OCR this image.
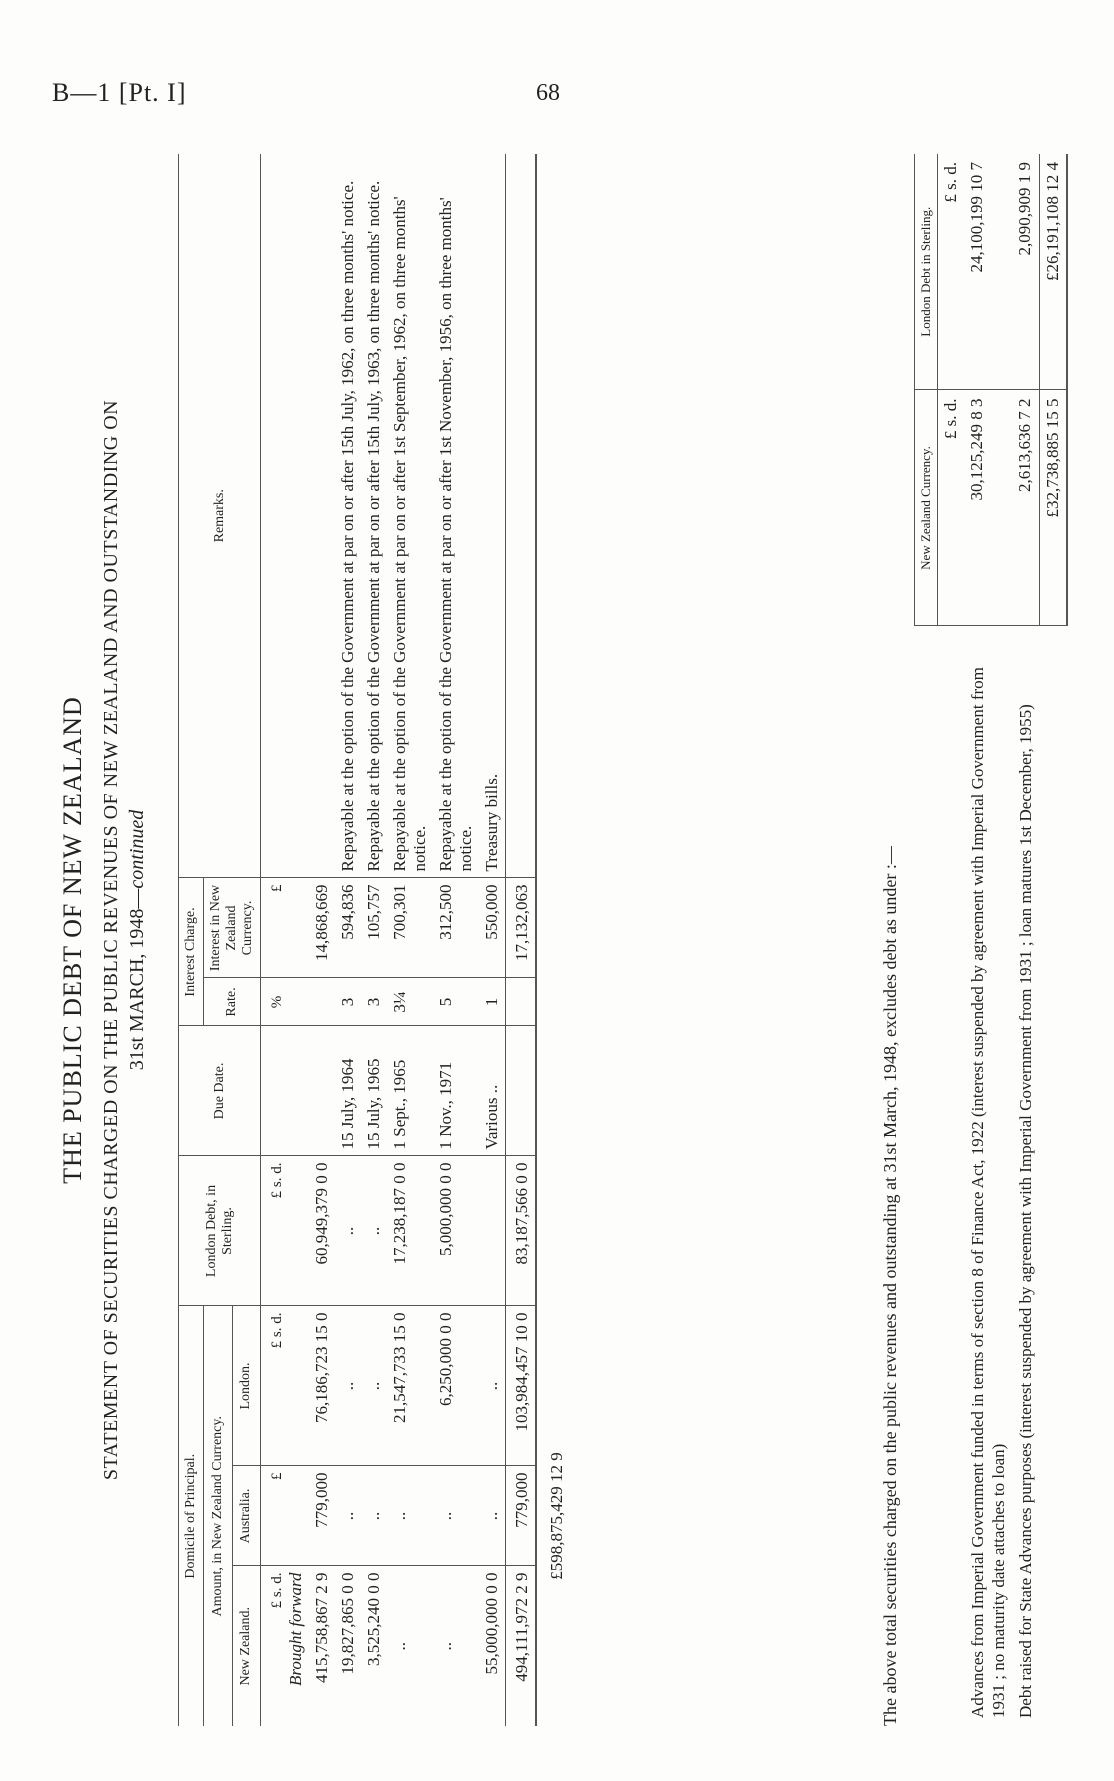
B—1 [Pt. I]	68
THE PUBLIC DEBT OF NEW ZEALAND STATEMENT OF SECURITIES CHARGED ON THE PUBLIC REVENUES OF NEW ZEALAND AND OUTSTANDING ON 31st MARCH, 1948—continued
Domicile of Principal.			London Debt, in Sterling.	Due Date.	Interest Charge.		Remarks.
Amount, in New Zealand Currency.					Rate.	Interest in New Zealand Currency.	
New Zealand.	Australia.	London.					

£ s. d. Brought forward	£	£ s. d.	£ s. d.		%	£	
415,758,867 2 9	779,000	76,186,723 15 0	60,949,379 0 0			14,868,669	
19,827,865 0 0	..	..	..	15 July, 1964	3	594,836	Repayable at the option of the Government at par on or after 15th July, 1962, on three months' notice.
3,525,240 0 0	..	..	..	15 July, 1965	3	105,757	Repayable at the option of the Government at par on or after 15th July, 1963, on three months' notice.
..	..	21,547,733 15 0	17,238,187 0 0	1 Sept., 1965	3¼	700,301	Repayable at the option of the Government at par on or after 1st September, 1962, on three months' notice.
..	..	6,250,000 0 0	5,000,000 0 0	1 Nov., 1971	5	312,500	Repayable at the option of the Government at par on or after 1st November, 1956, on three months' notice.
55,000,000 0 0	..	..		Various ..	1	550,000	Treasury bills.
494,111,972 2 9	779,000	103,984,457 10 0	83,187,566 0 0			17,132,063	
£598,875,429 12 9								The above total securities charged on the public revenues and outstanding at 31st March, 1948, excludes debt as under :—
	New Zealand Currency.	London Debt in Sterling.
	£ s. d.	£ s. d.
Advances from Imperial Government funded in terms of section 8 of Finance Act, 1922 (interest suspended by agreement with Imperial Government from 1931 ; no maturity date attaches to loan)	30,125,249 8 3	24,100,199 10 7
Debt raised for State Advances purposes (interest suspended by agreement with Imperial Government from 1931 ; loan matures 1st December, 1955)	2,613,636 7 2	2,090,909 1 9
	£32,738,885 15 5	£26,191,108 12 4
